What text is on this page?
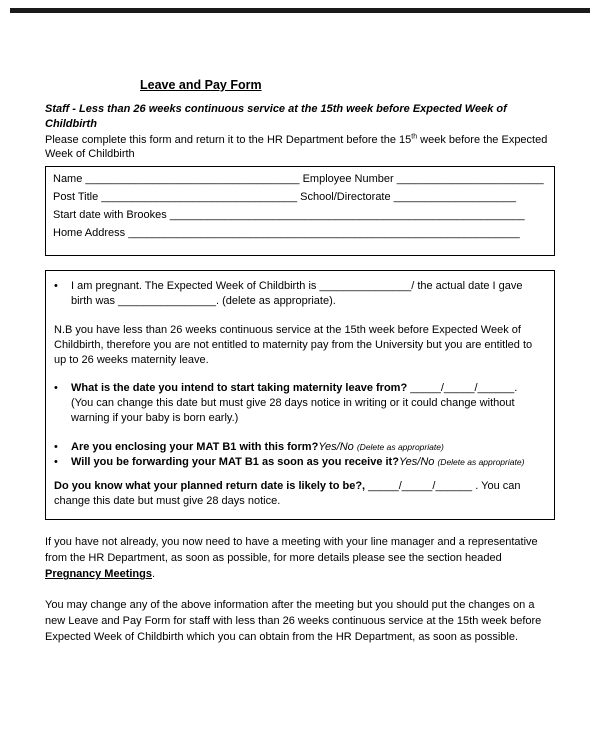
Leave and Pay Form

Staff - Less than 26 weeks continuous service at the 15th week before Expected Week of Childbirth

Please complete this form and return it to the HR Department before the 15th week before the Expected Week of Childbirth

Name ___________________________________ Employee Number ________________________
Post Title ________________________________ School/Directorate ____________________
Start date with Brookes __________________________________________________________
Home Address ________________________________________________________________
•	I am pregnant. The Expected Week of Childbirth is _______________/ the actual date I gave birth was ________________. (delete as appropriate).

N.B you have less than 26 weeks continuous service at the 15th week before Expected Week of Childbirth, therefore you are not entitled to maternity pay from the University but you are entitled to up to 26 weeks maternity leave.

•	What is the date you intend to start taking maternity leave from? _____/_____/______.
(You can change this date but must give 28 days notice in writing or it could change without warning if your baby is born early.)
•	Are you enclosing your MAT B1 with this form? Yes/No (Delete as appropriate)
•	Will you be forwarding your MAT B1 as soon as you receive it? Yes/No (Delete as appropriate)

Do you know what your planned return date is likely to be?, _____/_____/______ . You can change this date but must give 28 days notice.

If you have not already, you now need to have a meeting with your line manager and a representative from the HR Department, as soon as possible, for more details please see the section headed Pregnancy Meetings.

You may change any of the above information after the meeting but you should put the changes on a new Leave and Pay Form for staff with less than 26 weeks continuous service at the 15th week before Expected Week of Childbirth which you can obtain from the HR Department, as soon as possible.
